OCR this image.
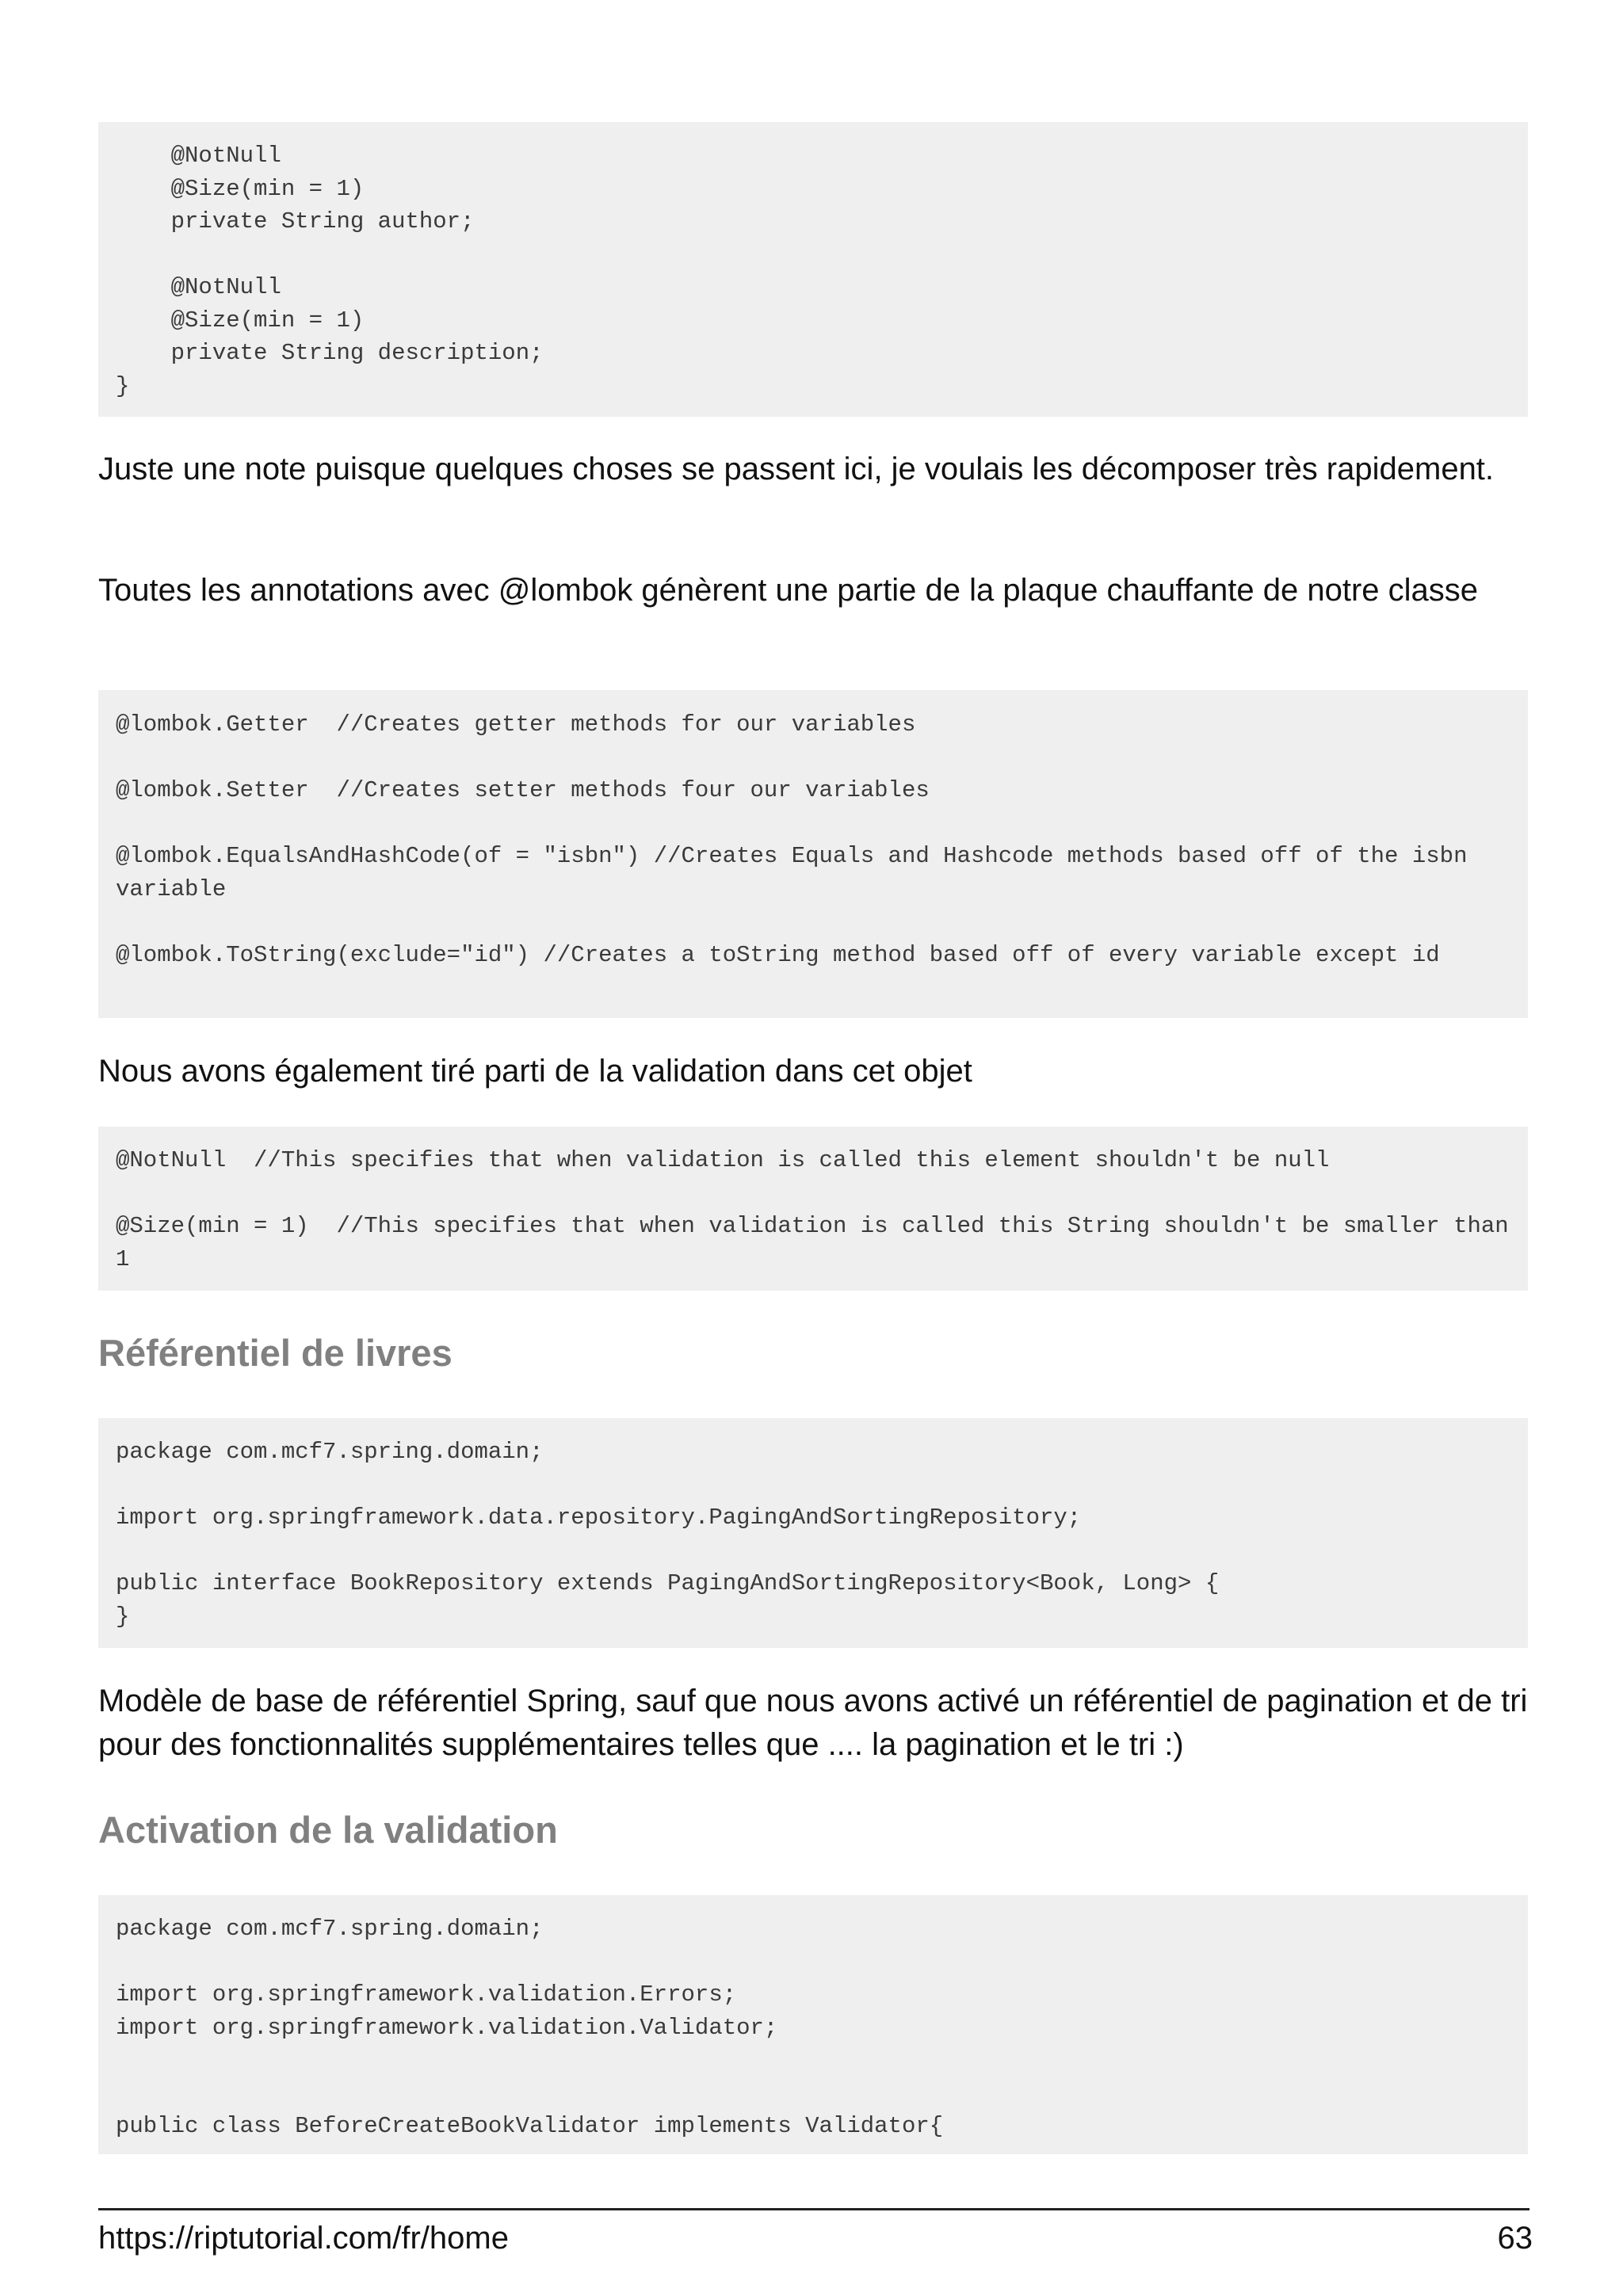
@NotNull
@Size(min = 1)
private String author;

@NotNull
@Size(min = 1)
private String description;
}

Juste une note puisque quelques choses se passent ici, je voulais les décomposer très rapidement.

Toutes les annotations avec @lombok génèrent une partie de la plaque chauffante de notre classe

@lombok.Getter  //Creates getter methods for our variables

@lombok.Setter  //Creates setter methods four our variables

@lombok.EqualsAndHashCode(of = "isbn") //Creates Equals and Hashcode methods based off of the isbn variable

@lombok.ToString(exclude="id") //Creates a toString method based off of every variable except id

Nous avons également tiré parti de la validation dans cet objet

@NotNull  //This specifies that when validation is called this element shouldn't be null

@Size(min = 1)  //This specifies that when validation is called this String shouldn't be smaller than 1
Référentiel de livres
package com.mcf7.spring.domain;

import org.springframework.data.repository.PagingAndSortingRepository;

public interface BookRepository extends PagingAndSortingRepository<Book, Long> {
}

Modèle de base de référentiel Spring, sauf que nous avons activé un référentiel de pagination et de tri pour des fonctionnalités supplémentaires telles que .... la pagination et le tri :)

Activation de la validation
package com.mcf7.spring.domain;

import org.springframework.validation.Errors;
import org.springframework.validation.Validator;

public class BeforeCreateBookValidator implements Validator{
https://riptutorial.com/fr/home	63
